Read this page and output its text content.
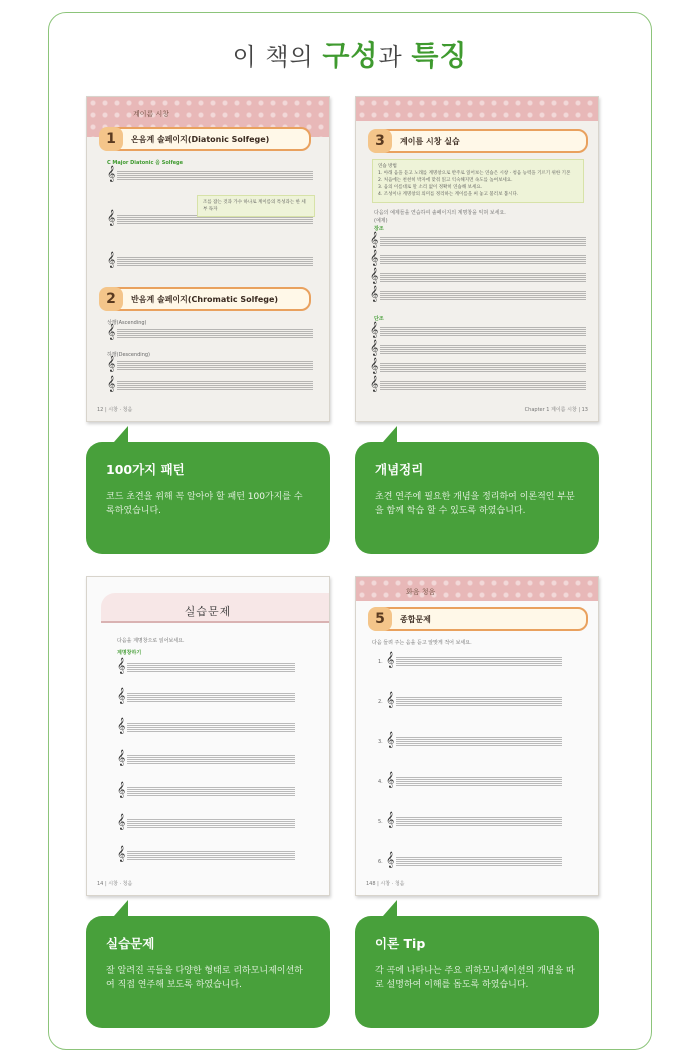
이 책의 구성과 특징
계이름 시창
1	온음계 솔페이지(Diatonic Solfege)
C Major Diatonic 음 Solfege
𝄞
𝄞
조를 잡는 것과 가수 하나로 계이름의 특성과는 한 세부 독자
𝄞
2	반음계 솔페이지(Chromatic Solfege)
상행(Ascending)
𝄞
하행(Descending)
𝄞
𝄞
12 | 시창 · 청음
3	계이름 시창 실습
연습 방법
1. 아래 음을 듣고 노래를 계명창으로 반주로 읽어보는 연습은 시창 · 청음 능력을 기르기 위한 기본
2. 처음에는 천천히 박자에 맞춰 읽고 익숙해지면 속도를 높여보세요.
3. 음의 이름대로 말 소리 없이 정확히 연습해 보세요.
4. 조성이나 계명창의 의미를 정리하는 계이름을 써 놓고 불러보 봅시다.
다음의 예제들을 연습하여 솔페이지의 계명창을 익혀 보세요.
(예제)
장조
𝄞
𝄞
𝄞
𝄞
단조
𝄞
𝄞
𝄞
𝄞
Chapter 1 계이름 시창 | 13
100가지 패턴
코드 초견을 위해 꼭 알아야 할 패턴 100가지를 수록하였습니다.
개념정리
초견 연주에 필요한 개념을 정리하여 이론적인 부분을 함께 학습 할 수 있도록 하였습니다.
실습문제
다음을 계명창으로 읽어보세요.
계명창하기
𝄞
𝄞
𝄞
𝄞
𝄞
𝄞
𝄞
14 | 시창 · 청음
화음 청음
5	종합문제
다음 들려 주는 음을 듣고 알맞게 적어 보세요.
1. 𝄞
2. 𝄞
3. 𝄞
4. 𝄞
5. 𝄞
6. 𝄞
148 | 시창 · 청음
실습문제
잘 알려진 곡들을 다양한 형태로 리하모니제이션하여 직접 연주해 보도록 하였습니다.
이론 Tip
각 곡에 나타나는 주요 리하모니제이션의 개념을 따로 설명하여 이해를 돕도록 하였습니다.
